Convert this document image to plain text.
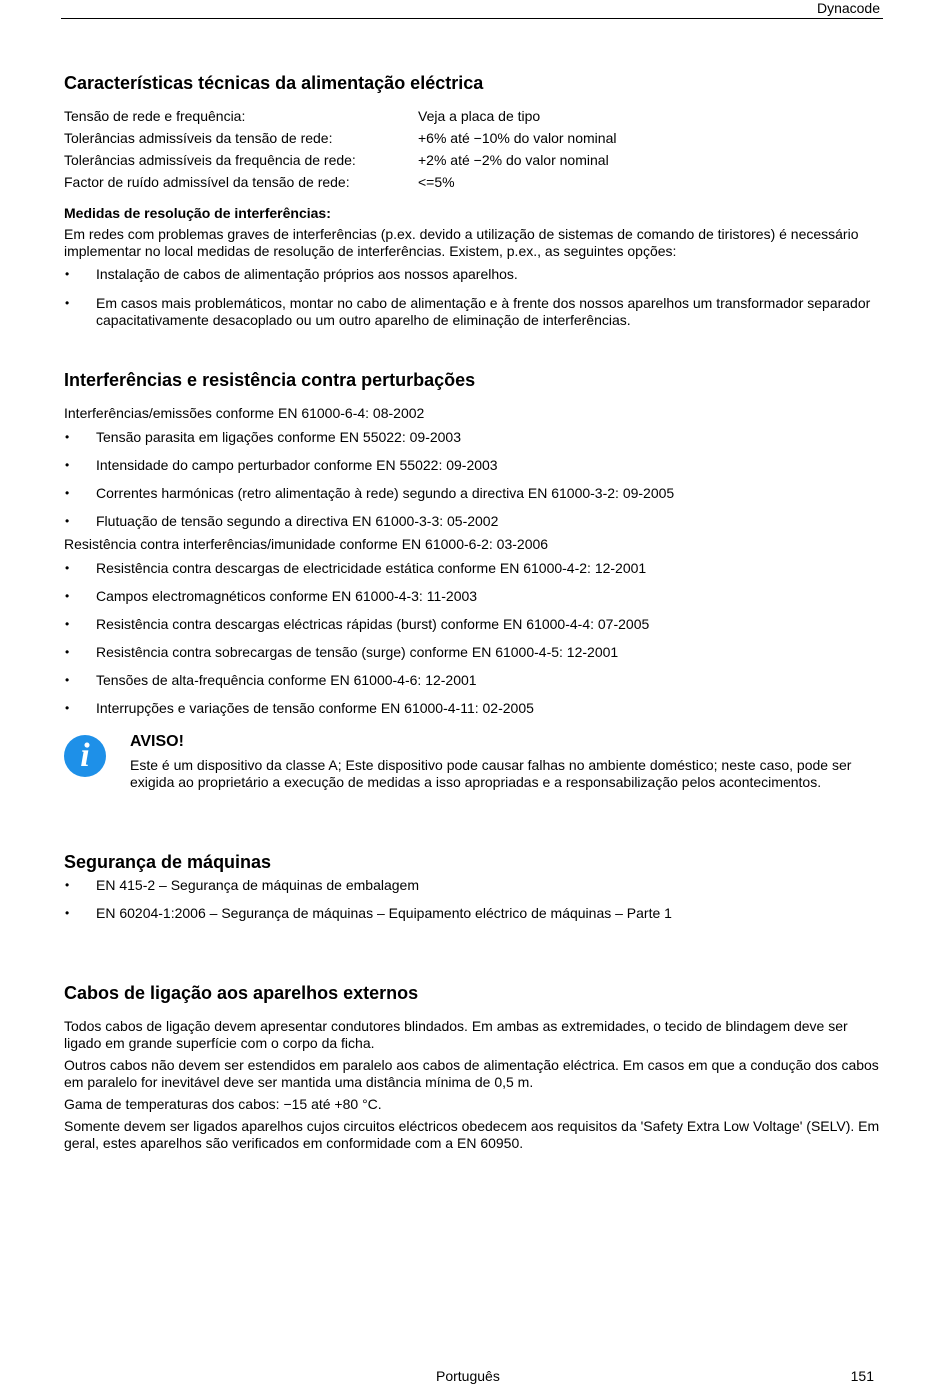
Dynacode
Características técnicas da alimentação eléctrica
Tensão de rede e frequência:	Veja a placa de tipo
Tolerâncias admissíveis da tensão de rede:	+6% até −10% do valor nominal
Tolerâncias admissíveis da frequência de rede:	+2% até −2% do valor nominal
Factor de ruído admissível da tensão de rede:	<=5%
Medidas de resolução de interferências:

Em redes com problemas graves de interferências (p.ex. devido a utilização de sistemas de comando de tiristores) é necessário implementar no local medidas de resolução de interferências. Existem, p.ex., as seguintes opções:

• Instalação de cabos de alimentação próprios aos nossos aparelhos.
• Em casos mais problemáticos, montar no cabo de alimentação e à frente dos nossos aparelhos um transformador separador capacitativamente desacoplado ou um outro aparelho de eliminação de interferências.
Interferências e resistência contra perturbações

Interferências/emissões conforme EN 61000-6-4: 08-2002

• Tensão parasita em ligações conforme EN 55022: 09-2003
• Intensidade do campo perturbador conforme EN 55022: 09-2003
• Correntes harmónicas (retro alimentação à rede) segundo a directiva EN 61000-3-2: 09-2005
• Flutuação de tensão segundo a directiva EN 61000-3-3: 05-2002

Resistência contra interferências/imunidade conforme EN 61000-6-2: 03-2006

• Resistência contra descargas de electricidade estática conforme EN 61000-4-2: 12-2001
• Campos electromagnéticos conforme EN 61000-4-3: 11-2003
• Resistência contra descargas eléctricas rápidas (burst) conforme EN 61000-4-4: 07-2005
• Resistência contra sobrecargas de tensão (surge) conforme EN 61000-4-5: 12-2001
• Tensões de alta-frequência conforme EN 61000-4-6: 12-2001
• Interrupções e variações de tensão conforme EN 61000-4-11: 02-2005
i	AVISO!

Este é um dispositivo da classe A; Este dispositivo pode causar falhas no ambiente doméstico; neste caso, pode ser exigida ao proprietário a execução de medidas a isso apropriadas e a responsabilização pelos acontecimentos.

Segurança de máquinas
• EN 415-2 – Segurança de máquinas de embalagem
• EN 60204-1:2006 – Segurança de máquinas – Equipamento eléctrico de máquinas – Parte 1
Cabos de ligação aos aparelhos externos

Todos cabos de ligação devem apresentar condutores blindados. Em ambas as extremidades, o tecido de blindagem deve ser ligado em grande superfície com o corpo da ficha.

Outros cabos não devem ser estendidos em paralelo aos cabos de alimentação eléctrica. Em casos em que a condução dos cabos em paralelo for inevitável deve ser mantida uma distância mínima de 0,5 m.

Gama de temperaturas dos cabos: −15 até +80 °C.

Somente devem ser ligados aparelhos cujos circuitos eléctricos obedecem aos requisitos da 'Safety Extra Low Voltage' (SELV). Em geral, estes aparelhos são verificados em conformidade com a EN 60950.

Português	151
